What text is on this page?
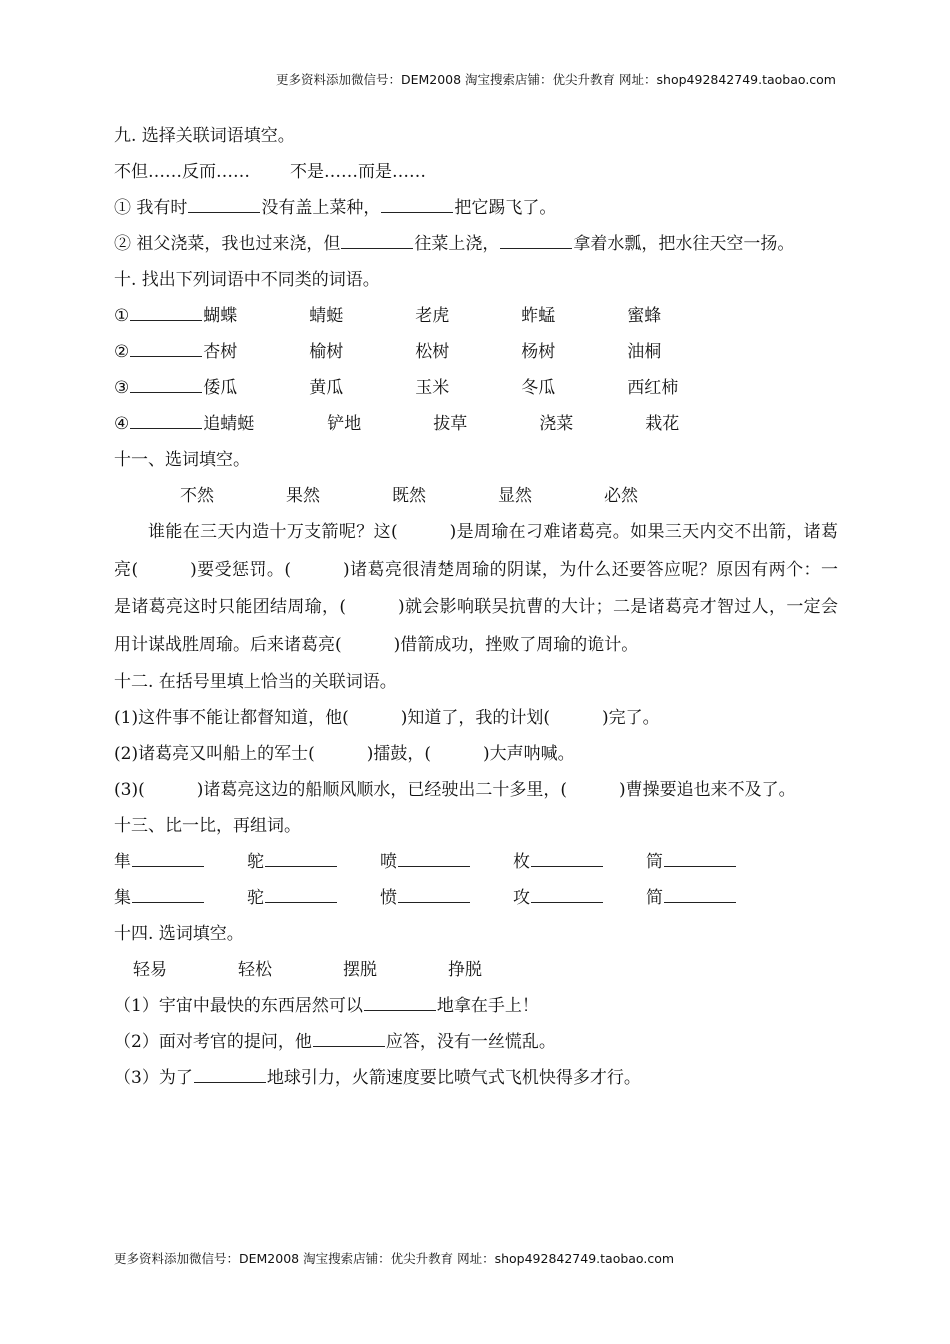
更多资料添加微信号：DEM2008 淘宝搜索店铺：优尖升教育 网址：shop492842749.taobao.com
九. 选择关联词语填空。
不但……反而…… 不是……而是……
① 我有时	没有盖上菜种，	把它踢飞了。
② 祖父浇菜，我也过来浇，但	往菜上浇，	拿着水瓢，把水往天空一扬。
十. 找出下列词语中不同类的词语。
①	蝴蝶	蜻蜓	老虎	蚱蜢	蜜蜂
②	杏树	榆树	松树	杨树	油桐
③	倭瓜	黄瓜	玉米	冬瓜	西红￼柿
④	追蜻蜓	铲地	拔草	浇菜	栽花
十一、选词填空。
不然	果然	既然	显然	必然
谁能在三天内造十万支箭呢？这(	)是周瑜在刁难诸葛亮。如果三天内交不出箭，诸葛亮(	)要受惩罚。(	)诸葛亮很清楚周瑜的阴谋，为什么还要答应呢？原因有两个：一是诸葛亮这时只能团结周瑜，(	)就会影响联吴抗曹的大计；二是诸葛亮才智过人，一定会用计谋战胜周瑜。后来诸葛亮(	)借箭成功，挫败了周瑜的诡计。
十二. 在括号里填上恰当的关联词语。
(1)这件事不能让都督知道，他(	)知道了，我的计划(	)完了。
(2)诸葛亮又叫船上的军士(	)擂鼓，(	)大声呐喊。
(3)(	)诸葛亮这边的船顺风顺水，已经驶出二十多里，(	)曹操要追也来不及了。
十三、比一比，再组词。
隼	鸵	喷	枚	筒
集	驼	愤	攻	简
十四. 选词填空。
轻易	轻松	摆脱	挣脱
（1）宇宙中最快的东西居然可以	地拿在手上！
（2）面对考官的提问，他	应答，没有一丝慌乱。
（3）为了	地球引力，火箭速度要比喷气式飞机快得多才行。
更多资料添加微信号：DEM2008 淘宝搜索店铺：优尖升教育 网址：shop492842749.taobao.com
